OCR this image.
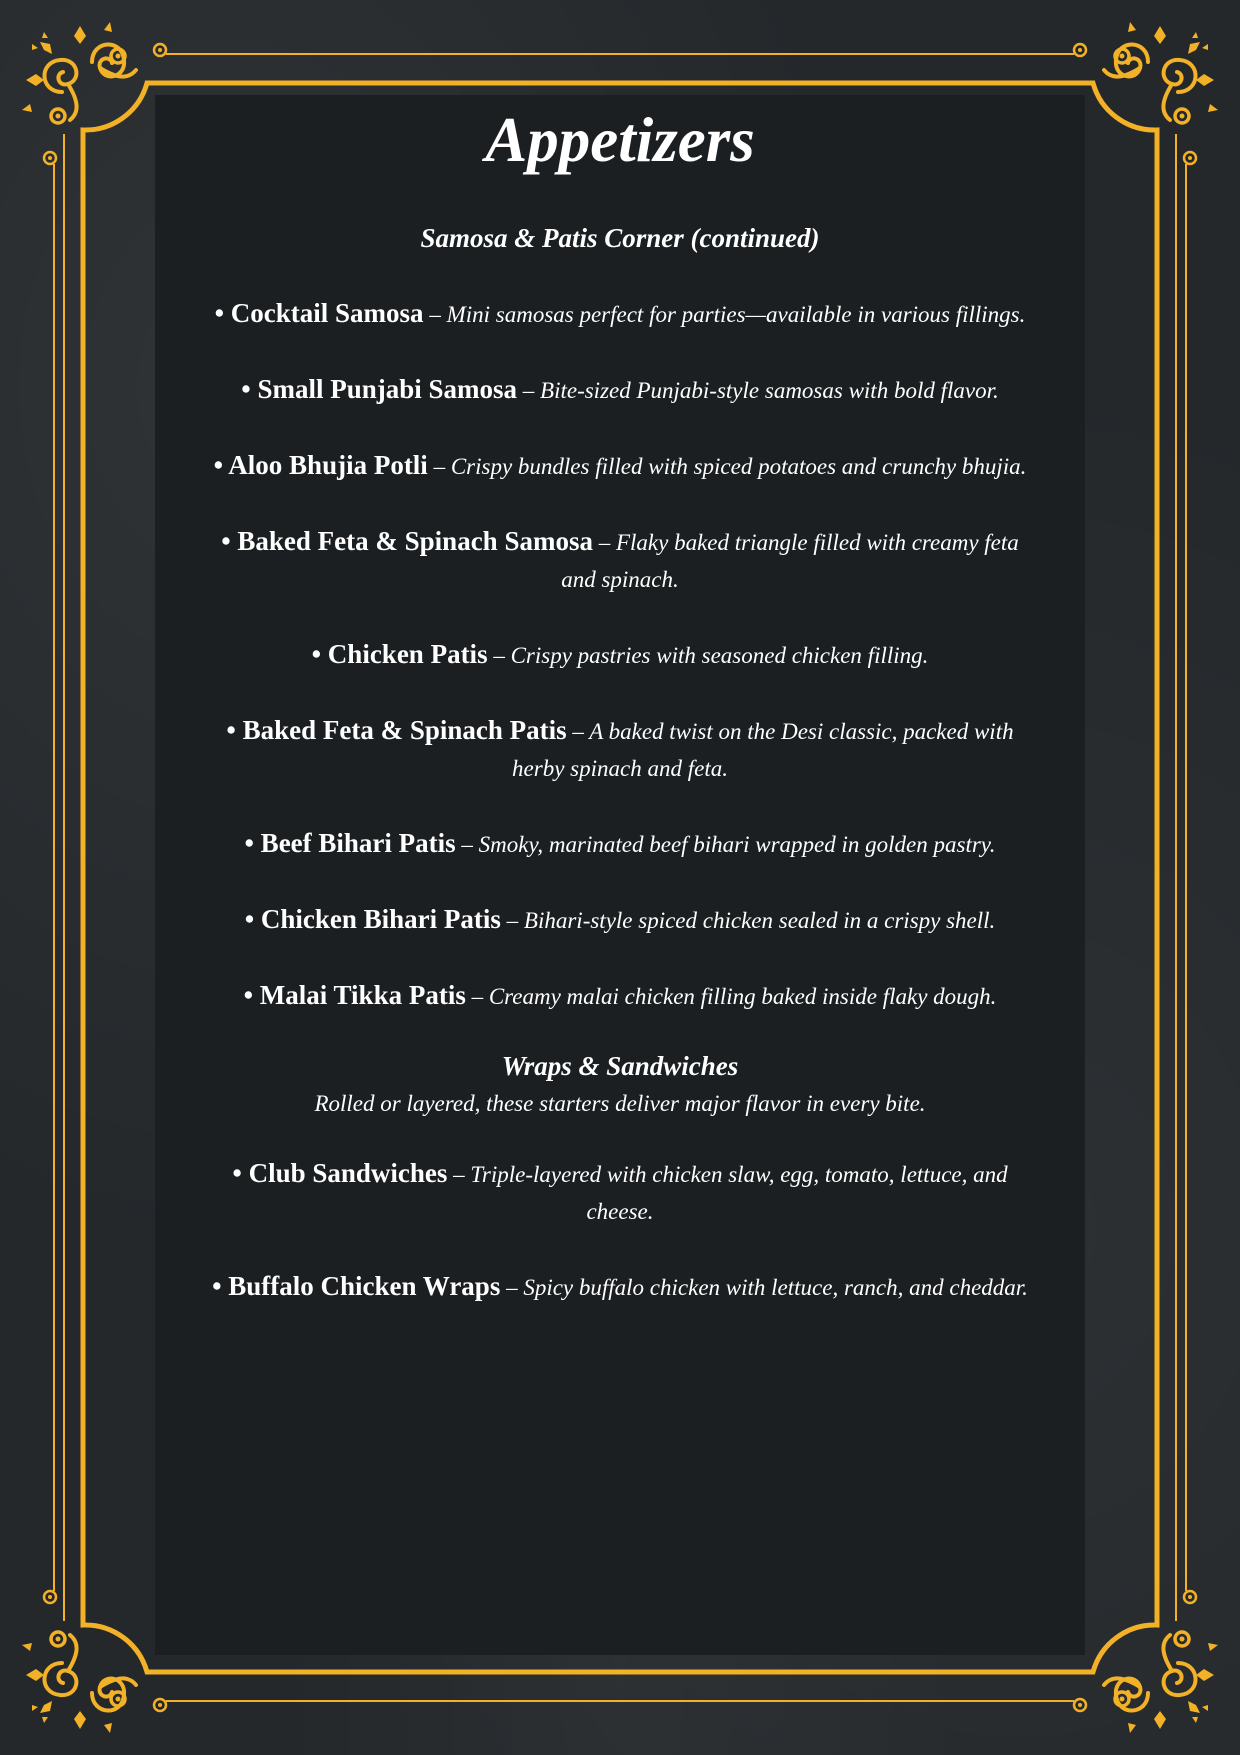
Appetizers
Samosa & Patis Corner (continued)

• Cocktail Samosa – Mini samosas perfect for parties—available in various fillings.

• Small Punjabi Samosa – Bite-sized Punjabi-style samosas with bold flavor.

• Aloo Bhujia Potli – Crispy bundles filled with spiced potatoes and crunchy bhujia.

• Baked Feta & Spinach Samosa – Flaky baked triangle filled with creamy feta and spinach.

• Chicken Patis – Crispy pastries with seasoned chicken filling.

• Baked Feta & Spinach Patis – A baked twist on the Desi classic, packed with herby spinach and feta.

• Beef Bihari Patis – Smoky, marinated beef bihari wrapped in golden pastry.

• Chicken Bihari Patis – Bihari-style spiced chicken sealed in a crispy shell.

• Malai Tikka Patis – Creamy malai chicken filling baked inside flaky dough.

Wraps & Sandwiches

Rolled or layered, these starters deliver major flavor in every bite.

• Club Sandwiches – Triple-layered with chicken slaw, egg, tomato, lettuce, and cheese.

• Buffalo Chicken Wraps – Spicy buffalo chicken with lettuce, ranch, and cheddar.
